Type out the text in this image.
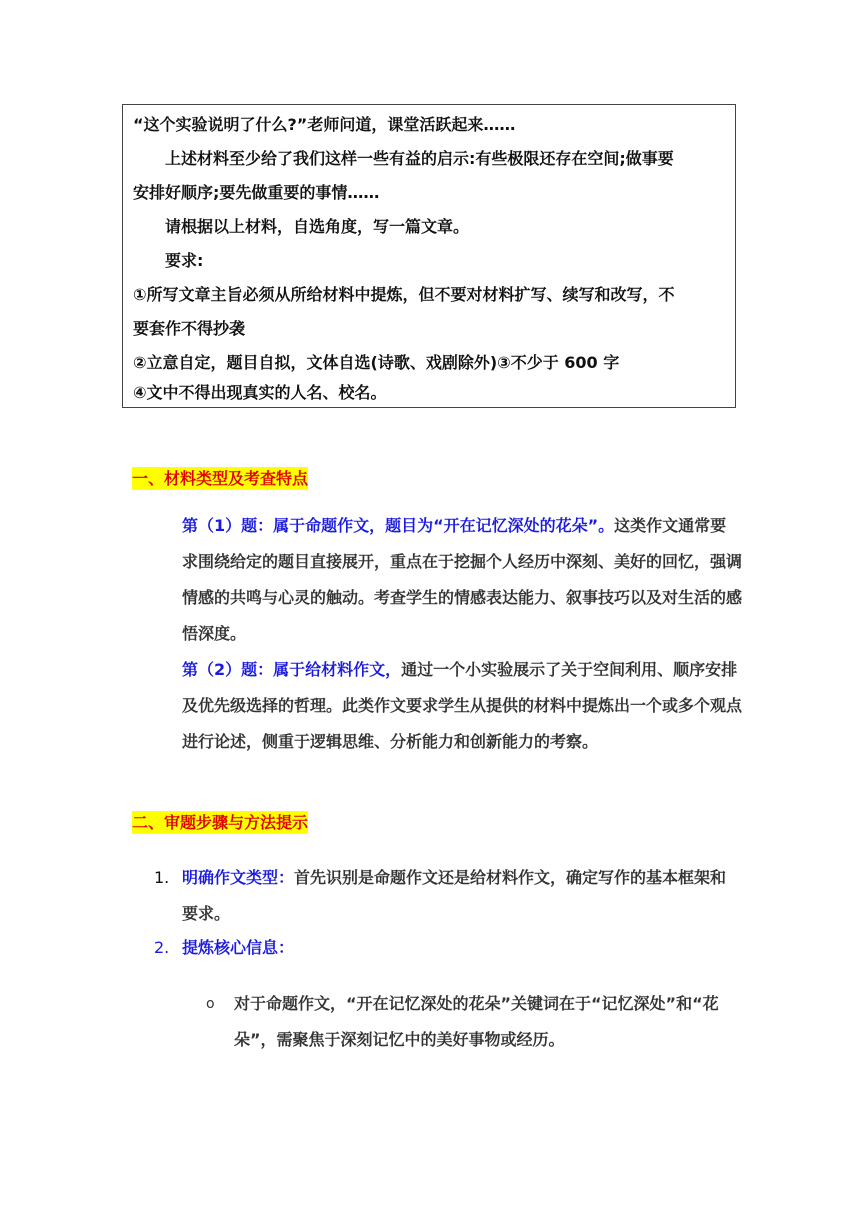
“这个实验说明了什么?”老师问道，课堂活跃起来……
上述材料至少给了我们这样一些有益的启示:有些极限还存在空间;做事要
安排好顺序;要先做重要的事情……
请根据以上材料，自选角度，写一篇文章。
要求:
①所写文章主旨必须从所给材料中提炼，但不要对材料扩写、续写和改写，不
要套作不得抄袭
②立意自定，题目自拟，文体自选(诗歌、戏剧除外)③不少于 600 字
④文中不得出现真实的人名、校名。
一、材料类型及考查特点
第（1）题：属于命题作文，题目为“开在记忆深处的花朵”。这类作文通常要求围绕给定的题目直接展开，重点在于挖掘个人经历中深刻、美好的回忆，强调情感的共鸣与心灵的触动。考查学生的情感表达能力、叙事技巧以及对生活的感悟深度。
第（2）题：属于给材料作文，通过一个小实验展示了关于空间利用、顺序安排及优先级选择的哲理。此类作文要求学生从提供的材料中提炼出一个或多个观点进行论述，侧重于逻辑思维、分析能力和创新能力的考察。
二、审题步骤与方法提示
1. 明确作文类型：首先识别是命题作文还是给材料作文，确定写作的基本框架和要求。
2. 提炼核心信息：
o 对于命题作文，“开在记忆深处的花朵”关键词在于“记忆深处”和“花朵”，需聚焦于深刻记忆中的美好事物或经历。
